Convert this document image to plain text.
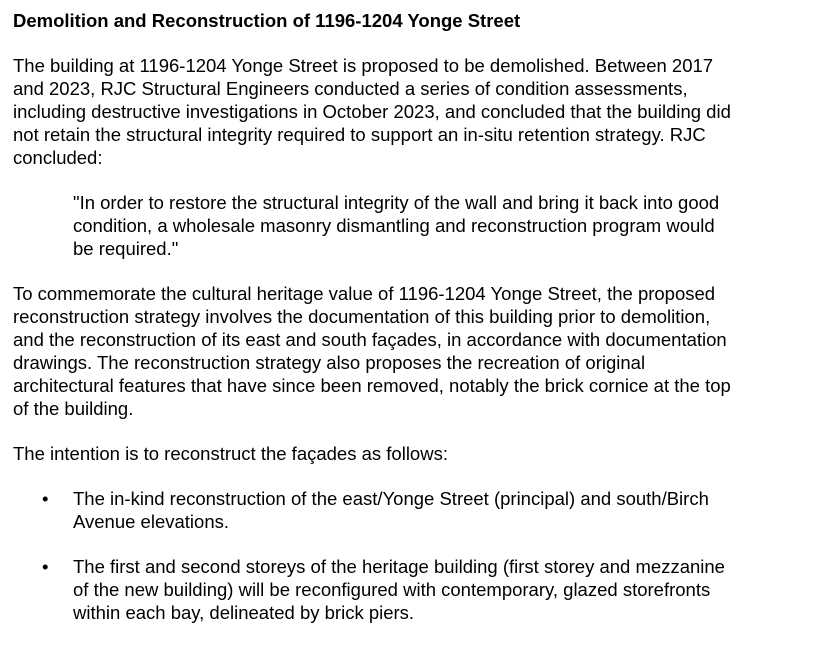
Demolition and Reconstruction of 1196-1204 Yonge Street

The building at 1196-1204 Yonge Street is proposed to be demolished. Between 2017
and 2023, RJC Structural Engineers conducted a series of condition assessments,
including destructive investigations in October 2023, and concluded that the building did
not retain the structural integrity required to support an in-situ retention strategy. RJC
concluded:

"In order to restore the structural integrity of the wall and bring it back into good
condition, a wholesale masonry dismantling and reconstruction program would
be required."

To commemorate the cultural heritage value of 1196-1204 Yonge Street, the proposed
reconstruction strategy involves the documentation of this building prior to demolition,
and the reconstruction of its east and south façades, in accordance with documentation
drawings. The reconstruction strategy also proposes the recreation of original
architectural features that have since been removed, notably the brick cornice at the top
of the building.

The intention is to reconstruct the façades as follows:

• The in-kind reconstruction of the east/Yonge Street (principal) and south/Birch
Avenue elevations.
• The first and second storeys of the heritage building (first storey and mezzanine
of the new building) will be reconfigured with contemporary, glazed storefronts
within each bay, delineated by brick piers.
